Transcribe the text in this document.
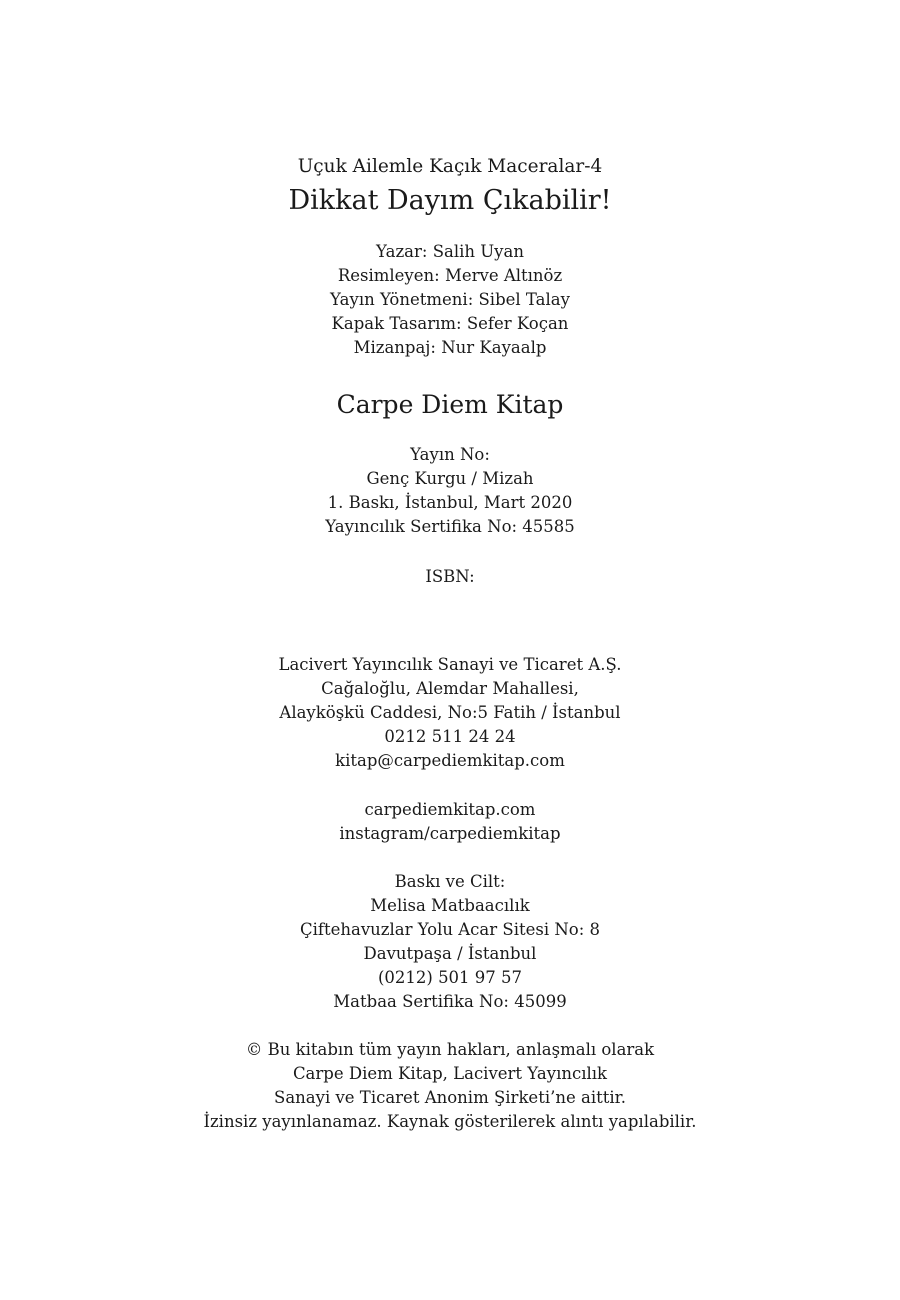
Uçuk Ailemle Kaçık Maceralar-4
Dikkat Dayım Çıkabilir!
Yazar: Salih Uyan
Resimleyen: Merve Altınöz
Yayın Yönetmeni: Sibel Talay
Kapak Tasarım: Sefer Koçan
Mizanpaj: Nur Kayaalp
Carpe Diem Kitap
Yayın No:
Genç Kurgu / Mizah
1. Baskı, İstanbul, Mart 2020
Yayıncılık Sertifika No: 45585
ISBN:
Lacivert Yayıncılık Sanayi ve Ticaret A.Ş.
Cağaloğlu, Alemdar Mahallesi,
Alayköşkü Caddesi, No:5 Fatih / İstanbul
0212 511 24 24
kitap@carpediemkitap.com
carpediemkitap.com
instagram/carpediemkitap
Baskı ve Cilt:
Melisa Matbaacılık
Çiftehavuzlar Yolu Acar Sitesi No: 8
Davutpaşa / İstanbul
(0212) 501 97 57
Matbaa Sertifika No: 45099
© Bu kitabın tüm yayın hakları, anlaşmalı olarak
Carpe Diem Kitap, Lacivert Yayıncılık
Sanayi ve Ticaret Anonim Şirketi’ne aittir.
İzinsiz yayınlanamaz. Kaynak gösterilerek alıntı yapılabilir.
